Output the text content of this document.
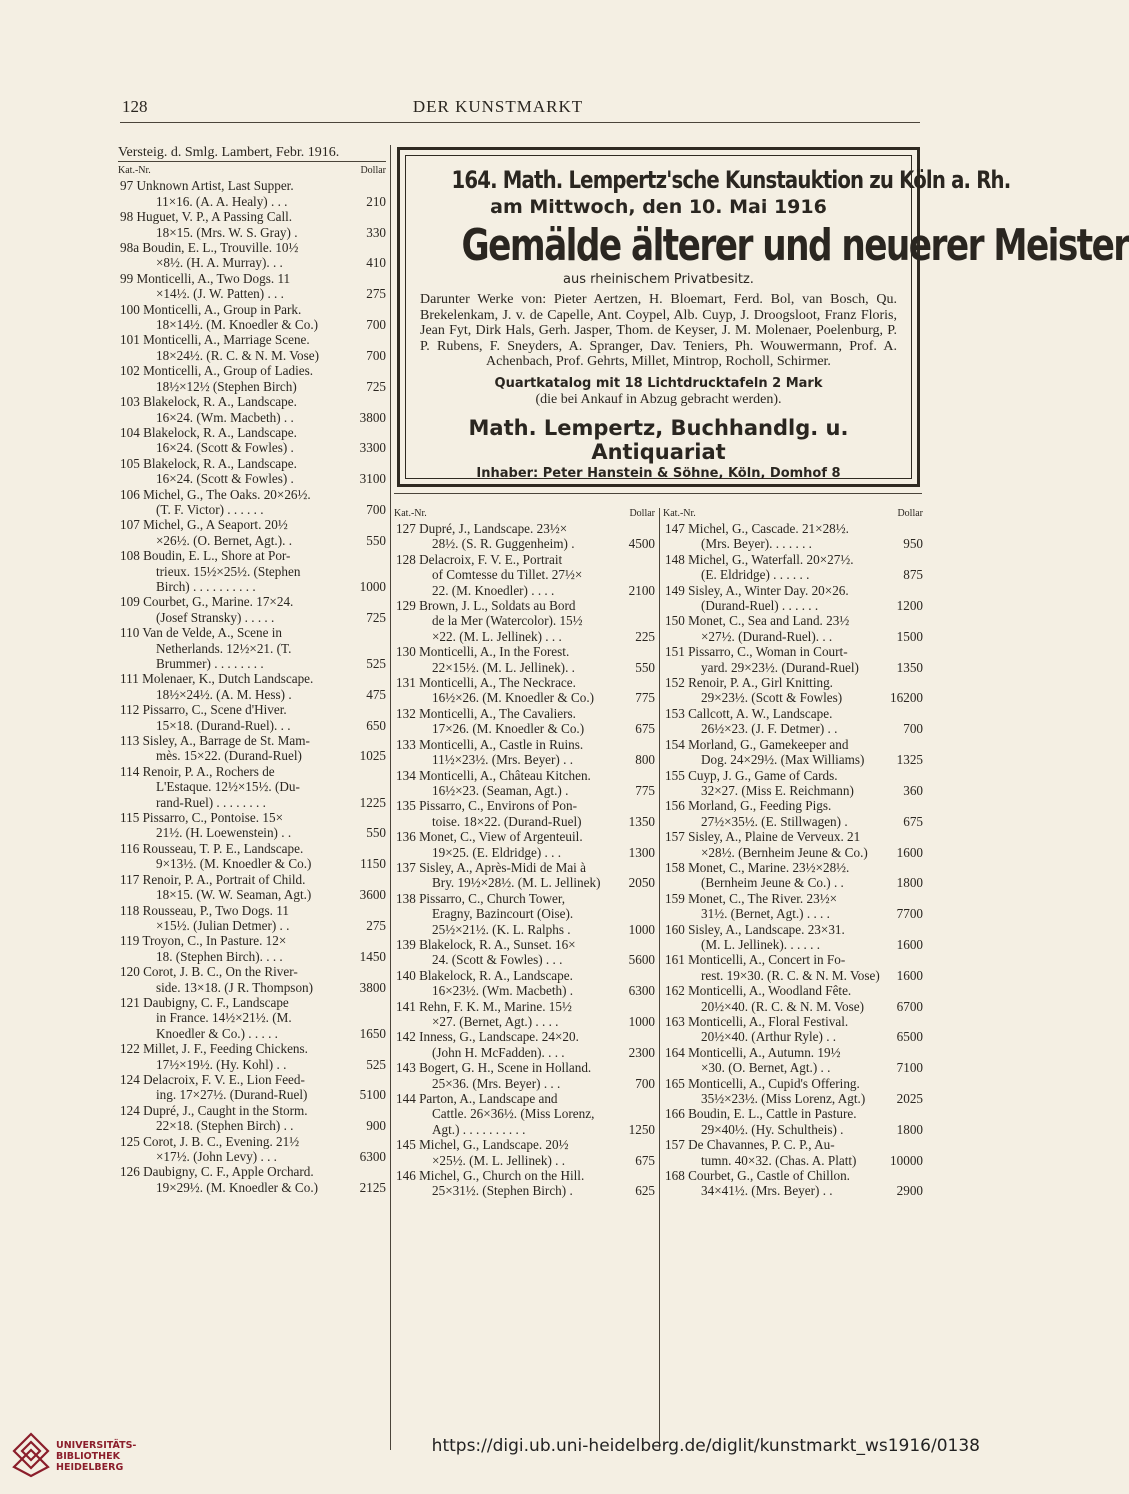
128	DER KUNSTMARKT
Versteig. d. Smlg. Lambert, Febr. 1916.
Kat.-Nr.	Dollar
97 Unknown Artist, Last Supper.
11×16. (A. A. Healy) . . .	210
98 Huguet, V. P., A Passing Call.
18×15. (Mrs. W. S. Gray) .	330
98a Boudin, E. L., Trouville. 10½
×8½. (H. A. Murray). . .	410
99 Monticelli, A., Two Dogs. 11
×14½. (J. W. Patten) . . .	275
100 Monticelli, A., Group in Park.
18×14½. (M. Knoedler & Co.)	700
101 Monticelli, A., Marriage Scene.
18×24½. (R. C. & N. M. Vose)	700
102 Monticelli, A., Group of Ladies.
18½×12½ (Stephen Birch)	725
103 Blakelock, R. A., Landscape.
16×24. (Wm. Macbeth) . .	3800
104 Blakelock, R. A., Landscape.
16×24. (Scott & Fowles) .	3300
105 Blakelock, R. A., Landscape.
16×24. (Scott & Fowles) .	3100
106 Michel, G., The Oaks. 20×26½.
(T. F. Victor) . . . . . .	700
107 Michel, G., A Seaport. 20½
×26½. (O. Bernet, Agt.). .	550
108 Boudin, E. L., Shore at Por-
trieux. 15½×25½. (Stephen
Birch) . . . . . . . . . .	1000
109 Courbet, G., Marine. 17×24.
(Josef Stransky) . . . . .	725
110 Van de Velde, A., Scene in
Netherlands. 12½×21. (T.
Brummer) . . . . . . . .	525
111 Molenaer, K., Dutch Landscape.
18½×24½. (A. M. Hess) .	475
112 Pissarro, C., Scene d'Hiver.
15×18. (Durand-Ruel). . .	650
113 Sisley, A., Barrage de St. Mam-
mès. 15×22. (Durand-Ruel)	1025
114 Renoir, P. A., Rochers de
L'Estaque. 12½×15½. (Du-
rand-Ruel) . . . . . . . .	1225
115 Pissarro, C., Pontoise. 15×
21½. (H. Loewenstein) . .	550
116 Rousseau, T. P. E., Landscape.
9×13½. (M. Knoedler & Co.)	1150
117 Renoir, P. A., Portrait of Child.
18×15. (W. W. Seaman, Agt.)	3600
118 Rousseau, P., Two Dogs. 11
×15½. (Julian Detmer) . .	275
119 Troyon, C., In Pasture. 12×
18. (Stephen Birch). . . .	1450
120 Corot, J. B. C., On the River-
side. 13×18. (J R. Thompson)	3800
121 Daubigny, C. F., Landscape
in France. 14½×21½. (M.
Knoedler & Co.) . . . . .	1650
122 Millet, J. F., Feeding Chickens.
17½×19½. (Hy. Kohl) . .	525
124 Delacroix, F. V. E., Lion Feed-
ing. 17×27½. (Durand-Ruel)	5100
124 Dupré, J., Caught in the Storm.
22×18. (Stephen Birch) . .	900
125 Corot, J. B. C., Evening. 21½
×17½. (John Levy) . . .	6300
126 Daubigny, C. F., Apple Orchard.
19×29½. (M. Knoedler & Co.)	2125
164. Math. Lempertz'sche Kunstauktion zu Köln a. Rh.
am Mittwoch, den 10. Mai 1916
Gemälde älterer und neuerer Meister
aus rheinischem Privatbesitz.
Darunter Werke von: Pieter Aertzen, H. Bloemart, Ferd. Bol, van Bosch, Qu. Brekelenkam, J. v. de Capelle, Ant. Coypel, Alb. Cuyp, J. Droogsloot, Franz Floris, Jean Fyt, Dirk Hals, Gerh. Jasper, Thom. de Keyser, J. M. Molenaer, Poelenburg, P. P. Rubens, F. Sneyders, A. Spranger, Dav. Teniers, Ph. Wouwermann, Prof. A. Achenbach, Prof. Gehrts, Millet, Mintrop, Rocholl, Schirmer.
Quartkatalog mit 18 Lichtdrucktafeln 2 Mark
(die bei Ankauf in Abzug gebracht werden).
Math. Lempertz, Buchhandlg. u. Antiquariat
Inhaber: Peter Hanstein & Söhne, Köln, Domhof 8
Kat.-Nr.	Dollar
127 Dupré, J., Landscape. 23½×
28½. (S. R. Guggenheim) .	4500
128 Delacroix, F. V. E., Portrait
of Comtesse du Tillet. 27½×
22. (M. Knoedler) . . . .	2100
129 Brown, J. L., Soldats au Bord
de la Mer (Watercolor). 15½
×22. (M. L. Jellinek) . . .	225
130 Monticelli, A., In the Forest.
22×15½. (M. L. Jellinek). .	550
131 Monticelli, A., The Neckrace.
16½×26. (M. Knoedler & Co.)	775
132 Monticelli, A., The Cavaliers.
17×26. (M. Knoedler & Co.)	675
133 Monticelli, A., Castle in Ruins.
11½×23½. (Mrs. Beyer) . .	800
134 Monticelli, A., Château Kitchen.
16½×23. (Seaman, Agt.) .	775
135 Pissarro, C., Environs of Pon-
toise. 18×22. (Durand-Ruel)	1350
136 Monet, C., View of Argenteuil.
19×25. (E. Eldridge) . . .	1300
137 Sisley, A., Après-Midi de Mai à
Bry. 19½×28½. (M. L. Jellinek)	2050
138 Pissarro, C., Church Tower,
Eragny, Bazincourt (Oise).
25½×21½. (K. L. Ralphs .	1000
139 Blakelock, R. A., Sunset. 16×
24. (Scott & Fowles) . . .	5600
140 Blakelock, R. A., Landscape.
16×23½. (Wm. Macbeth) .	6300
141 Rehn, F. K. M., Marine. 15½
×27. (Bernet, Agt.) . . . .	1000
142 Inness, G., Landscape. 24×20.
(John H. McFadden). . . .	2300
143 Bogert, G. H., Scene in Holland.
25×36. (Mrs. Beyer) . . .	700
144 Parton, A., Landscape and
Cattle. 26×36½. (Miss Lorenz,
Agt.) . . . . . . . . . .	1250
145 Michel, G., Landscape. 20½
×25½. (M. L. Jellinek) . .	675
146 Michel, G., Church on the Hill.
25×31½. (Stephen Birch) .	625
Kat.-Nr.	Dollar
147 Michel, G., Cascade. 21×28½.
(Mrs. Beyer). . . . . . .	950
148 Michel, G., Waterfall. 20×27½.
(E. Eldridge) . . . . . .	875
149 Sisley, A., Winter Day. 20×26.
(Durand-Ruel) . . . . . .	1200
150 Monet, C., Sea and Land. 23½
×27½. (Durand-Ruel). . .	1500
151 Pissarro, C., Woman in Court-
yard. 29×23½. (Durand-Ruel)	1350
152 Renoir, P. A., Girl Knitting.
29×23½. (Scott & Fowles)	16200
153 Callcott, A. W., Landscape.
26½×23. (J. F. Detmer) . .	700
154 Morland, G., Gamekeeper and
Dog. 24×29½. (Max Williams)	1325
155 Cuyp, J. G., Game of Cards.
32×27. (Miss E. Reichmann)	360
156 Morland, G., Feeding Pigs.
27½×35½. (E. Stillwagen) .	675
157 Sisley, A., Plaine de Verveux. 21
×28½. (Bernheim Jeune & Co.)	1600
158 Monet, C., Marine. 23½×28½.
(Bernheim Jeune & Co.) . .	1800
159 Monet, C., The River. 23½×
31½. (Bernet, Agt.) . . . .	7700
160 Sisley, A., Landscape. 23×31.
(M. L. Jellinek). . . . . .	1600
161 Monticelli, A., Concert in Fo-
rest. 19×30. (R. C. & N. M. Vose)	1600
162 Monticelli, A., Woodland Fête.
20½×40. (R. C. & N. M. Vose)	6700
163 Monticelli, A., Floral Festival.
20½×40. (Arthur Ryle) . .	6500
164 Monticelli, A., Autumn. 19½
×30. (O. Bernet, Agt.) . .	7100
165 Monticelli, A., Cupid's Offering.
35½×23½. (Miss Lorenz, Agt.)	2025
166 Boudin, E. L., Cattle in Pasture.
29×40½. (Hy. Schultheis) .	1800
157 De Chavannes, P. C. P., Au-
tumn. 40×32. (Chas. A. Platt)	10000
168 Courbet, G., Castle of Chillon.
34×41½. (Mrs. Beyer) . .	2900
UNIVERSITÄTS-
BIBLIOTHEK
HEIDELBERG
https://digi.ub.uni-heidelberg.de/diglit/kunstmarkt_ws1916/0138
